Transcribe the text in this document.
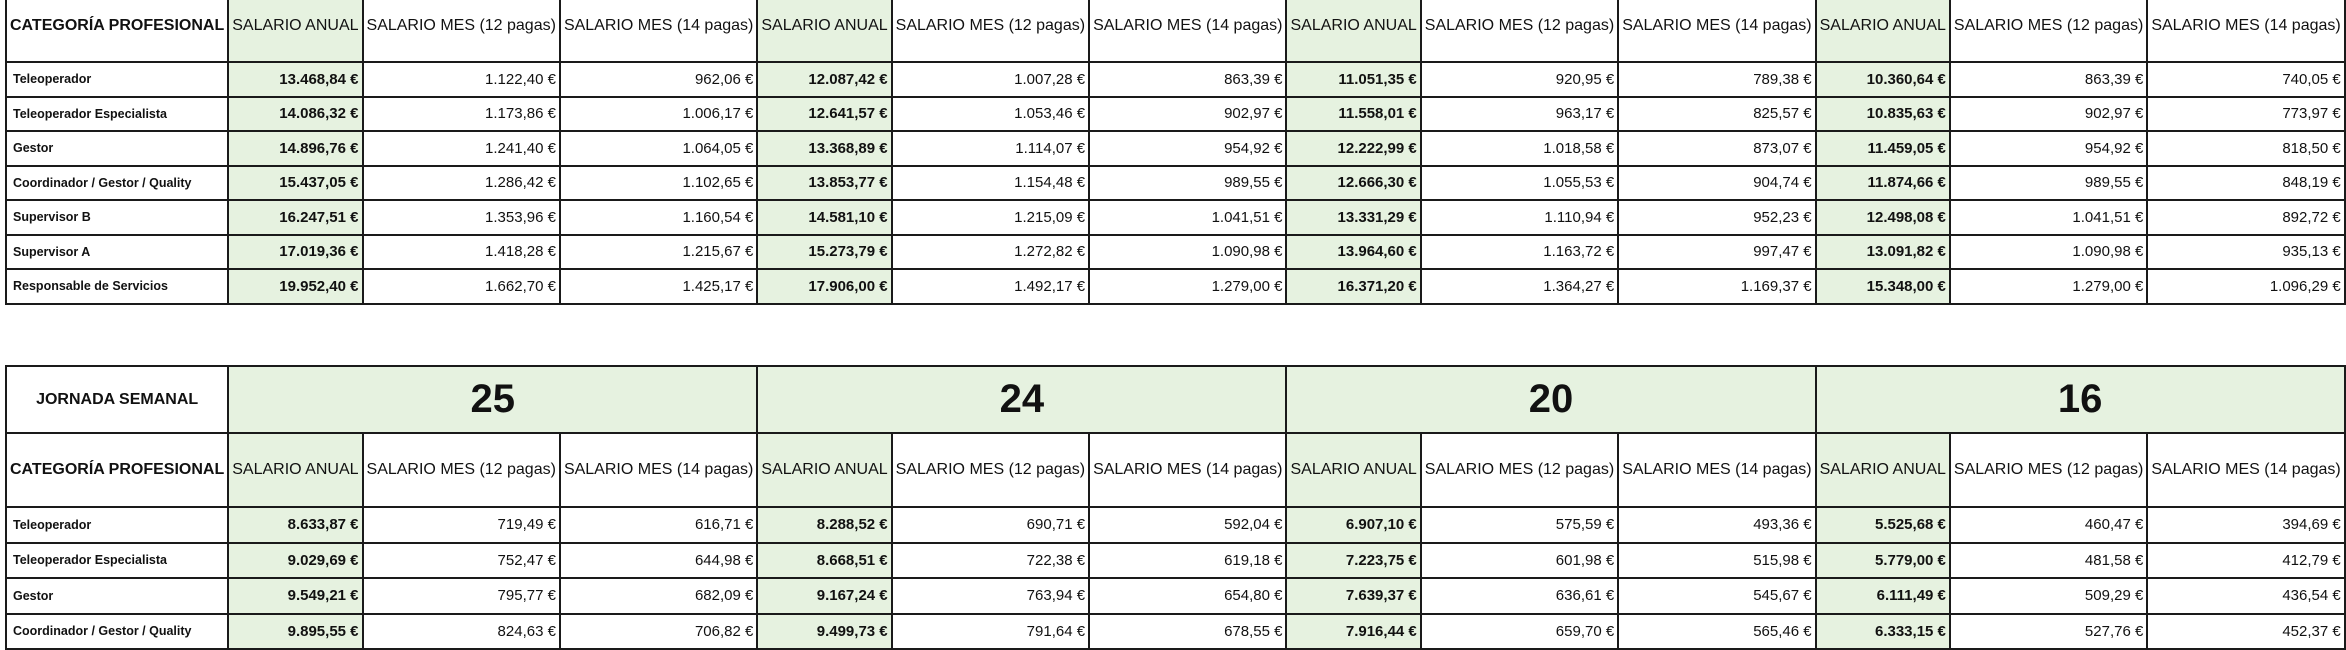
CATEGORÍA PROFESIONAL	SALARIO ANUAL	SALARIO MES (12 pagas)	SALARIO MES (14 pagas)	SALARIO ANUAL	SALARIO MES (12 pagas)	SALARIO MES (14 pagas)	SALARIO ANUAL	SALARIO MES (12 pagas)	SALARIO MES (14 pagas)	SALARIO ANUAL	SALARIO MES (12 pagas)	SALARIO MES (14 pagas)
Teleoperador	13.468,84 €	1.122,40 €	962,06 €	12.087,42 €	1.007,28 €	863,39 €	11.051,35 €	920,95 €	789,38 €	10.360,64 €	863,39 €	740,05 €
Teleoperador Especialista	14.086,32 €	1.173,86 €	1.006,17 €	12.641,57 €	1.053,46 €	902,97 €	11.558,01 €	963,17 €	825,57 €	10.835,63 €	902,97 €	773,97 €
Gestor	14.896,76 €	1.241,40 €	1.064,05 €	13.368,89 €	1.114,07 €	954,92 €	12.222,99 €	1.018,58 €	873,07 €	11.459,05 €	954,92 €	818,50 €
Coordinador / Gestor / Quality	15.437,05 €	1.286,42 €	1.102,65 €	13.853,77 €	1.154,48 €	989,55 €	12.666,30 €	1.055,53 €	904,74 €	11.874,66 €	989,55 €	848,19 €
Supervisor B	16.247,51 €	1.353,96 €	1.160,54 €	14.581,10 €	1.215,09 €	1.041,51 €	13.331,29 €	1.110,94 €	952,23 €	12.498,08 €	1.041,51 €	892,72 €
Supervisor A	17.019,36 €	1.418,28 €	1.215,67 €	15.273,79 €	1.272,82 €	1.090,98 €	13.964,60 €	1.163,72 €	997,47 €	13.091,82 €	1.090,98 €	935,13 €
Responsable de Servicios	19.952,40 €	1.662,70 €	1.425,17 €	17.906,00 €	1.492,17 €	1.279,00 €	16.371,20 €	1.364,27 €	1.169,37 €	15.348,00 €	1.279,00 €	1.096,29 €
JORNADA SEMANAL	25			24			20			16		
CATEGORÍA PROFESIONAL	SALARIO ANUAL	SALARIO MES (12 pagas)	SALARIO MES (14 pagas)	SALARIO ANUAL	SALARIO MES (12 pagas)	SALARIO MES (14 pagas)	SALARIO ANUAL	SALARIO MES (12 pagas)	SALARIO MES (14 pagas)	SALARIO ANUAL	SALARIO MES (12 pagas)	SALARIO MES (14 pagas)
Teleoperador	8.633,87 €	719,49 €	616,71 €	8.288,52 €	690,71 €	592,04 €	6.907,10 €	575,59 €	493,36 €	5.525,68 €	460,47 €	394,69 €
Teleoperador Especialista	9.029,69 €	752,47 €	644,98 €	8.668,51 €	722,38 €	619,18 €	7.223,75 €	601,98 €	515,98 €	5.779,00 €	481,58 €	412,79 €
Gestor	9.549,21 €	795,77 €	682,09 €	9.167,24 €	763,94 €	654,80 €	7.639,37 €	636,61 €	545,67 €	6.111,49 €	509,29 €	436,54 €
Coordinador / Gestor / Quality	9.895,55 €	824,63 €	706,82 €	9.499,73 €	791,64 €	678,55 €	7.916,44 €	659,70 €	565,46 €	6.333,15 €	527,76 €	452,37 €
